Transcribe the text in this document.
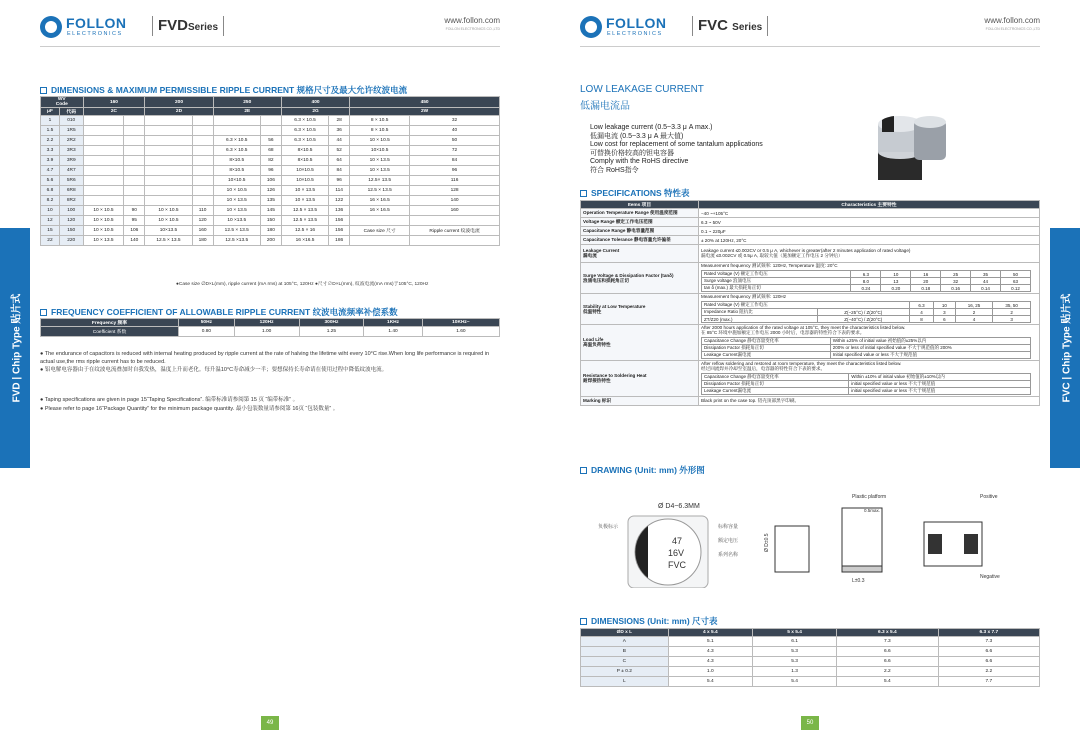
FOLLON
ELECTRONICS	FVDSeries
www.follon.com
FOLLON ELECTRONICS CO.,LTD
DIMENSIONS & MAXIMUM PERMISSIBLE RIPPLE CURRENT 规格尺寸及最大允许纹波电流
WV
Code		160		200		250		400		450	
μF	代码	2C		2D		2E		2G		2W	
1	010							6.3 × 10.5	28	8 × 10.5	32
1.5	1R5							6.3 × 10.5	36	8 × 10.5	40
2.2	2R2					6.3 × 10.5	56	6.3 × 10.5	44	10 × 10.5	50
3.3	3R3					6.3 × 10.5	68	8×10.5	52	10×10.5	72
3.9	3R9					8×10.5	82	8×10.5	64	10 × 13.5	84
4.7	4R7					8×10.5	96	10×10.5	84	10 × 13.5	96
5.6	5R6					10×10.5	106	10×10.5	96	12.5× 13.5	116
6.8	6R8					10 × 10.5	126	10 × 13.5	114	12.5 × 13.5	128
8.2	8R2					10 × 13.5	135	10 × 13.5	122	16 × 16.5	140
10	100	10 × 10.5	90	10 × 10.5	110	10 × 13.5	145	12.5 × 13.5	136	16 × 16.5	160
12	120	10 × 10.5	95	10 × 10.5	120	10 ×13.5	150	12.5 × 13.5	156		
15	150	10 × 10.5	106	10×13.5	160	12.5 × 13.5	180	12.5 × 16	156	Case size 尺寸	Ripple current 纹波电流
22	220	10 × 13.5	140	12.5 × 13.5	180	12.5 ×13.5	200	16 ×16.5	186		
●Case size ∅D×L(mm), ripple current (mA rms) at 105°C, 120Hz ●尺寸∅D×L(mm), 纹波电流(mA rms)于105°C, 120Hz
FREQUENCY COEFFICIENT OF ALLOWABLE RIPPLE CURRENT 纹波电流频率补偿系数
Frequency 频率	50Hz	120Hz	300Hz	1KHz	10KHz~
Coefficient 系数	0.80	1.00	1.25	1.40	1.60
● The endurance of capacitors is reduced with internal heating produced by ripple current at the rate of halving the lifetime wiht every 10°C rise.When long life performance is required in actual use,the rms ripple current has to be reduced.
● 铝电解电容器由于在纹波电流叠加时自我发热，温度上升而老化。每升温10°C寿命减少一半；要想保持长寿命请在使用过程中降低纹波电流。
● Taping specifications are given in page 15“Taping Specifications”. 编带标准请参阅第 15 页 “编带标准” 。
● Please refer to page 16“Package Quantity” for the minimum package quantity. 最小包装数量请参阅第 16页 “包装数量” 。
FVD | Chip Type 贴片式
49
FOLLON
ELECTRONICS	FVC Series
www.follon.com
FOLLON ELECTRONICS CO.,LTD
LOW LEAKAGE CURRENT
低漏电流品
Low leakage current (0.5~3.3 μ A max.)
低漏电流 (0.5~3.3 μ A 最大值)
Low cost for replacement of some tantalum applications
可替换价格较高的钽电容器
Comply with the RoHS directive
符合 RoHS指令
SPECIFICATIONS 特性表
Items 项目	Characteristics 主要特性
Operation Temperature Range 使用温度范围	−40 ~+105°C
Voltage Range 额定工作电压范围	6.3 ~ 50V
Capacitance Range 静电容量范围	0.1 ~ 220μF
Capacitance Tolerance 静电容量允许偏差	± 20% at 120Hz, 20°C
Leakage Current
漏电流	
Leakage current ≤0.002CV or 0.5 μ A, whichever is greater(after 2 minutes application of rated voltage)
漏电流 ≤0.002CV 或 0.5μ A, 取较大值（施加额定工作电压 2 分钟后）

Surge Voltage & Dissipation Factor (tanδ)
浪涌电压和损耗角正切	
Measurement frequency 测试频率: 120Hz, Temperature 温度: 20°C
Rated Voltage (V) 额定工作电压	6.3	10	16	25	35	50
Surge voltage 浪涌电压	8.0	13	20	32	44	63
tan δ (max.) 最大损耗角正切	0.24	0.20	0.18	0.16	0.14	0.12

Stability at Low Temperature
低温特性	
Measurement frequency 测试频率: 120Hz
Rated Voltage (V) 额定工作电压	6.3	10	16, 25	35, 50
Impedance Ratio 阻抗比	Z(−25°C) / Z(20°C)	4	3	2	2
ZT/Z20 (max.)	Z(−40°C) / Z(20°C)	8	6	4	3

Load Life
高温负荷特性	
After 2000 hours application of the rated voltage at 105°C, they meet the characteristics listed below.
在 85°C 环境中施加额定工作电压 2000 小时后，电容器的特性符合下表的要求。
Capacitance Change 静电容量变化率	Within ±25% of initial value 初始值的±25%以内
Dissipation Factor 损耗角正切	200% or less of initial specified value 不大于规范值的 200%
Leakage Current漏电流	Initial specified value or less 不大于规范值

Resistance to Soldering Heat
耐焊接热特性	
After reflow soldering and restored at room temperature, they meet the characteristics listed below.
经过回流焊并冷却至室温后，电容器的特性符合下表的要求。
Capacitance Change 静电容量变化率	Within ±10% of initial value 初始值的±10%以内
Dissipation Factor 损耗角正切	initial specified value or less 不大于规范值
Leakage Current漏电流	initial specified value or less 不大于规范值

Marking 标识	Black print on the case top. 铝壳顶部黑字印刷。
DRAWING (Unit: mm) 外形图
Ø D4~6.3MM
47
16V
FVC
负极标示	标称容量
额定电压
系列名称
Ø D±0.5
Plastic platform
L±0.3
0.5max.
Positive
Negative
DIMENSIONS (Unit: mm) 尺寸表
ØD x L	4 x 5.4	5 x 5.4	6.3 x 5.4	6.3 x 7.7
A	5.1	6.1	7.3	7.3
B	4.3	5.3	6.6	6.6
C	4.3	5.3	6.6	6.6
P ± 0.2	1.0	1.3	2.2	2.2
L	5.4	5.4	5.4	7.7
FVC | Chip Type 贴片式
50
